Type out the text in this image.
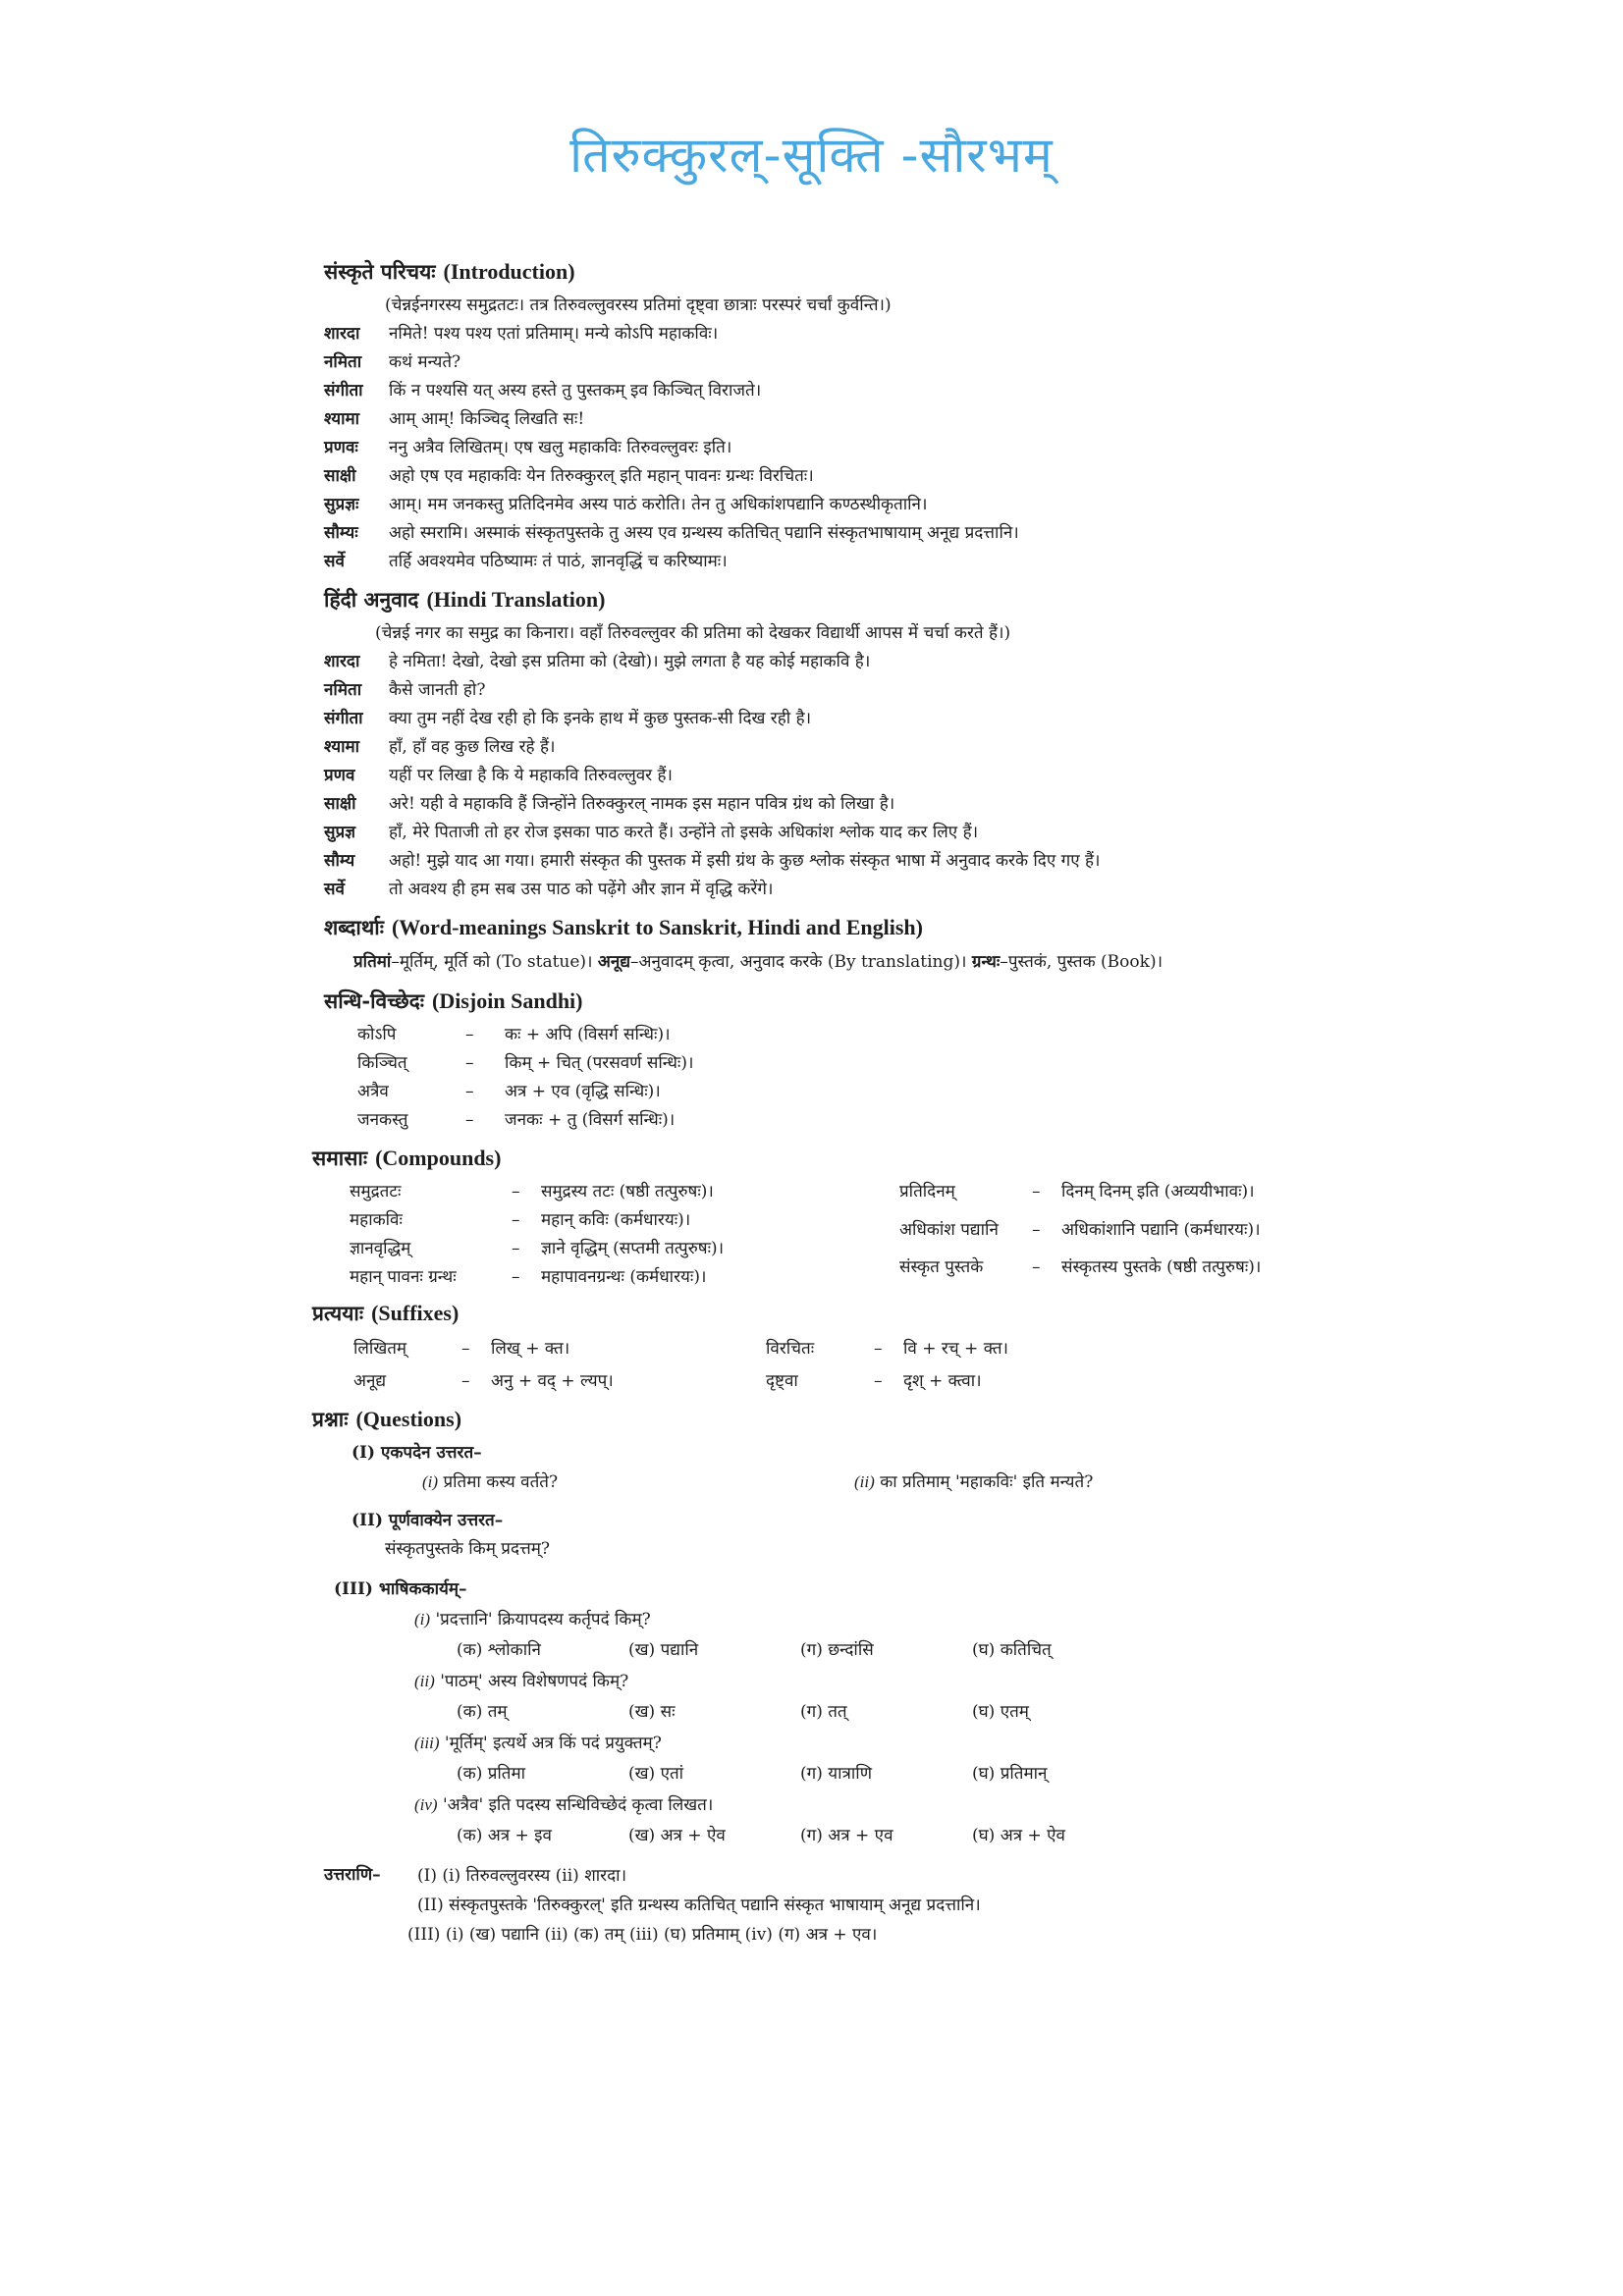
तिरुक्कुरल्-सूक्ति -सौरभम्
संस्कृते परिचयः (Introduction)
(चेन्नईनगरस्य समुद्रतटः। तत्र तिरुवल्लुवरस्य प्रतिमां दृष्ट्वा छात्राः परस्परं चर्चां कुर्वन्ति।)
शारदा	नमिते! पश्य पश्य एतां प्रतिमाम्। मन्ये कोऽपि महाकविः।
नमिता	कथं मन्यते?
संगीता	किं न पश्यसि यत् अस्य हस्ते तु पुस्तकम् इव किञ्चित् विराजते।
श्यामा	आम् आम्! किञ्चिद् लिखति सः!
प्रणवः	ननु अत्रैव लिखितम्। एष खलु महाकविः तिरुवल्लुवरः इति।
साक्षी	अहो एष एव महाकविः येन तिरुक्कुरल् इति महान् पावनः ग्रन्थः विरचितः।
सुप्रज्ञः	आम्। मम जनकस्तु प्रतिदिनमेव अस्य पाठं करोति। तेन तु अधिकांशपद्यानि कण्ठस्थीकृतानि।
सौम्यः	अहो स्मरामि। अस्माकं संस्कृतपुस्तके तु अस्य एव ग्रन्थस्य कतिचित् पद्यानि संस्कृतभाषायाम् अनूद्य प्रदत्तानि।
सर्वे	तर्हि अवश्यमेव पठिष्यामः तं पाठं, ज्ञानवृद्धिं च करिष्यामः।
हिंदी अनुवाद (Hindi Translation)
(चेन्नई नगर का समुद्र का किनारा। वहाँ तिरुवल्लुवर की प्रतिमा को देखकर विद्यार्थी आपस में चर्चा करते हैं।)
शारदा	हे नमिता! देखो, देखो इस प्रतिमा को (देखो)। मुझे लगता है यह कोई महाकवि है।
नमिता	कैसे जानती हो?
संगीता	क्या तुम नहीं देख रही हो कि इनके हाथ में कुछ पुस्तक-सी दिख रही है।
श्यामा	हाँ, हाँ वह कुछ लिख रहे हैं।
प्रणव	यहीं पर लिखा है कि ये महाकवि तिरुवल्लुवर हैं।
साक्षी	अरे! यही वे महाकवि हैं जिन्होंने तिरुक्कुरल् नामक इस महान पवित्र ग्रंथ को लिखा है।
सुप्रज्ञ	हाँ, मेरे पिताजी तो हर रोज इसका पाठ करते हैं। उन्होंने तो इसके अधिकांश श्लोक याद कर लिए हैं।
सौम्य	अहो! मुझे याद आ गया। हमारी संस्कृत की पुस्तक में इसी ग्रंथ के कुछ श्लोक संस्कृत भाषा में अनुवाद करके दिए गए हैं।
सर्वे	तो अवश्य ही हम सब उस पाठ को पढ़ेंगे और ज्ञान में वृद्धि करेंगे।
शब्दार्थाः (Word-meanings Sanskrit to Sanskrit, Hindi and English)
प्रतिमां–मूर्तिम्, मूर्ति को (To statue)। अनूद्य–अनुवादम् कृत्वा, अनुवाद करके (By translating)। ग्रन्थः–पुस्तकं, पुस्तक (Book)।
सन्धि-विच्छेदः (Disjoin Sandhi)
कोऽपि	–	कः + अपि (विसर्ग सन्धिः)।
किञ्चित्	–	किम् + चित् (परसवर्ण सन्धिः)।
अत्रैव	–	अत्र + एव (वृद्धि सन्धिः)।
जनकस्तु	–	जनकः + तु (विसर्ग सन्धिः)।
समासाः (Compounds)
समुद्रतटः	–	समुद्रस्य तटः (षष्ठी तत्पुरुषः)।
महाकविः	–	महान् कविः (कर्मधारयः)।
ज्ञानवृद्धिम्	–	ज्ञाने वृद्धिम् (सप्तमी तत्पुरुषः)।
महान् पावनः ग्रन्थः	–	महापावनग्रन्थः (कर्मधारयः)।
प्रतिदिनम्	–	दिनम् दिनम् इति (अव्ययीभावः)।
अधिकांश पद्यानि	–	अधिकांशानि पद्यानि (कर्मधारयः)।
संस्कृत पुस्तके	–	संस्कृतस्य पुस्तके (षष्ठी तत्पुरुषः)।
प्रत्ययाः (Suffixes)
लिखितम्	–	लिख् + क्त।
अनूद्य	–	अनु + वद् + ल्यप्।
विरचितः	–	वि + रच् + क्त।
दृष्ट्वा	–	दृश् + क्त्वा।
प्रश्नाः (Questions)
(I) एकपदेन उत्तरत–
(i) प्रतिमा कस्य वर्तते?	(ii) का प्रतिमाम् 'महाकविः' इति मन्यते?
(II) पूर्णवाक्येन उत्तरत–
संस्कृतपुस्तके किम् प्रदत्तम्?
(III) भाषिककार्यम्–
(i) 'प्रदत्तानि' क्रियापदस्य कर्तृपदं किम्?
(क) श्लोकानि	(ख) पद्यानि	(ग) छन्दांसि	(घ) कतिचित्
(ii) 'पाठम्' अस्य विशेषणपदं किम्?
(क) तम्	(ख) सः	(ग) तत्	(घ) एतम्
(iii) 'मूर्तिम्' इत्यर्थे अत्र किं पदं प्रयुक्तम्?
(क) प्रतिमा	(ख) एतां	(ग) यात्राणि	(घ) प्रतिमान्
(iv) 'अत्रैव' इति पदस्य सन्धिविच्छेदं कृत्वा लिखत।
(क) अत्र + इव	(ख) अत्र + ऐव	(ग) अत्र + एव	(घ) अत्र + ऐव
उत्तराणि–	(I) (i) तिरुवल्लुवरस्य (ii) शारदा।
(II) संस्कृतपुस्तके 'तिरुक्कुरल्' इति ग्रन्थस्य कतिचित् पद्यानि संस्कृत भाषायाम् अनूद्य प्रदत्तानि।
(III) (i) (ख) पद्यानि (ii) (क) तम् (iii) (घ) प्रतिमाम् (iv) (ग) अत्र + एव।
